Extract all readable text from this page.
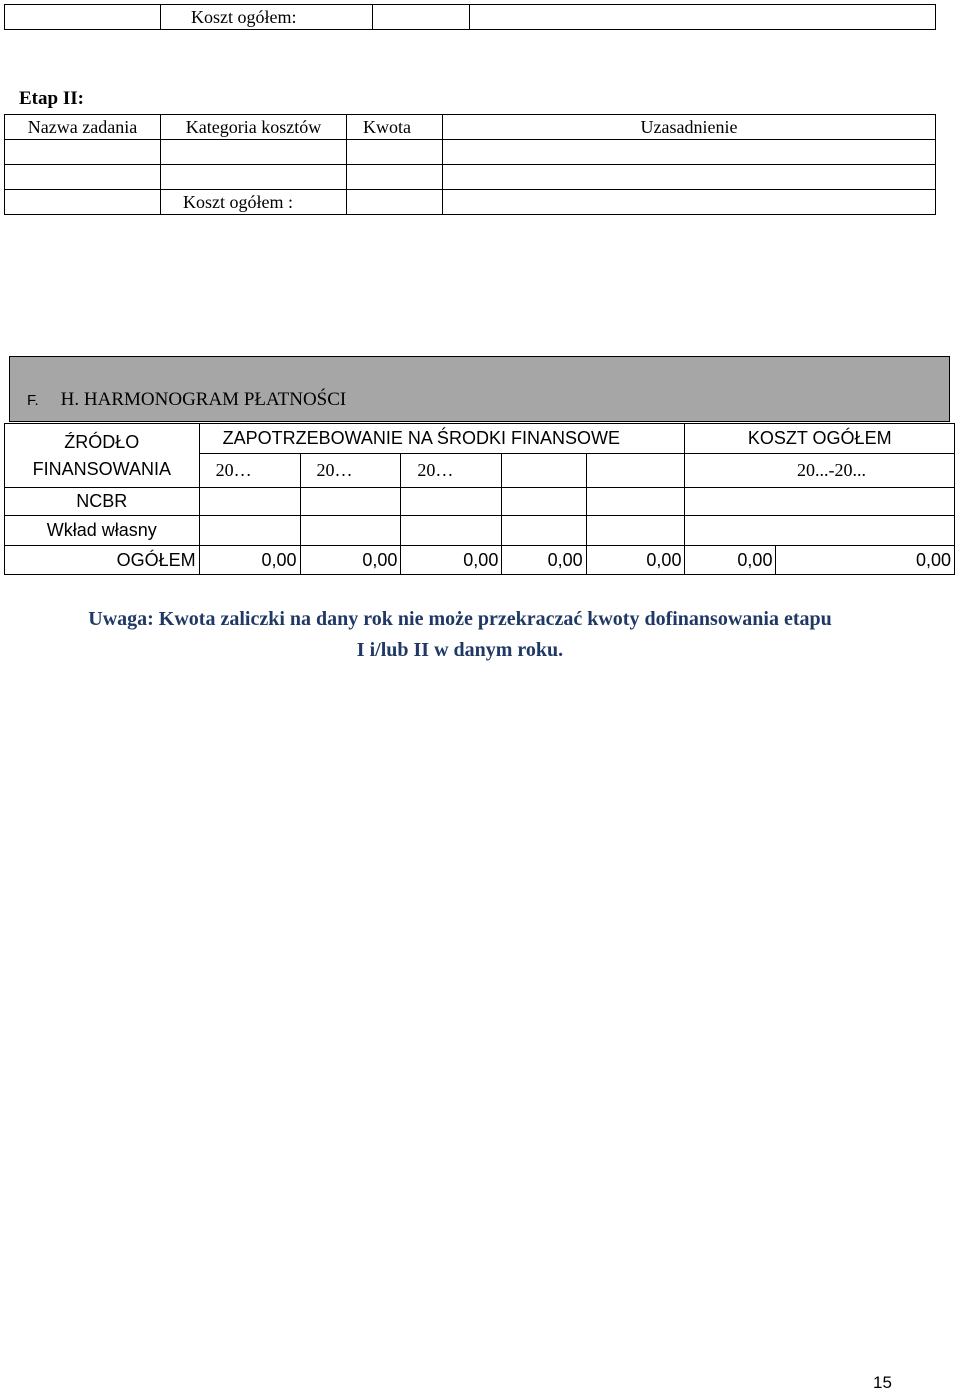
	Koszt ogółem:		
Etap II:
Nazwa zadania	Kategoria kosztów	Kwota	Uzasadnienie

	Koszt ogółem :		
F. H. HARMONOGRAM PŁATNOŚCI
ŹRÓDŁO
FINANSOWANIA	ZAPOTRZEBOWANIE NA ŚRODKI FINANSOWE					KOSZT OGÓŁEM
	20…	20…	20…			20...-20...
NCBR						
Wkład własny						
OGÓŁEM	0,00	0,00	0,00	0,00	0,00	0,00 0,00
Uwaga: Kwota zaliczki na dany rok nie może przekraczać kwoty dofinansowania etapu
I i/lub II w danym roku.
15
